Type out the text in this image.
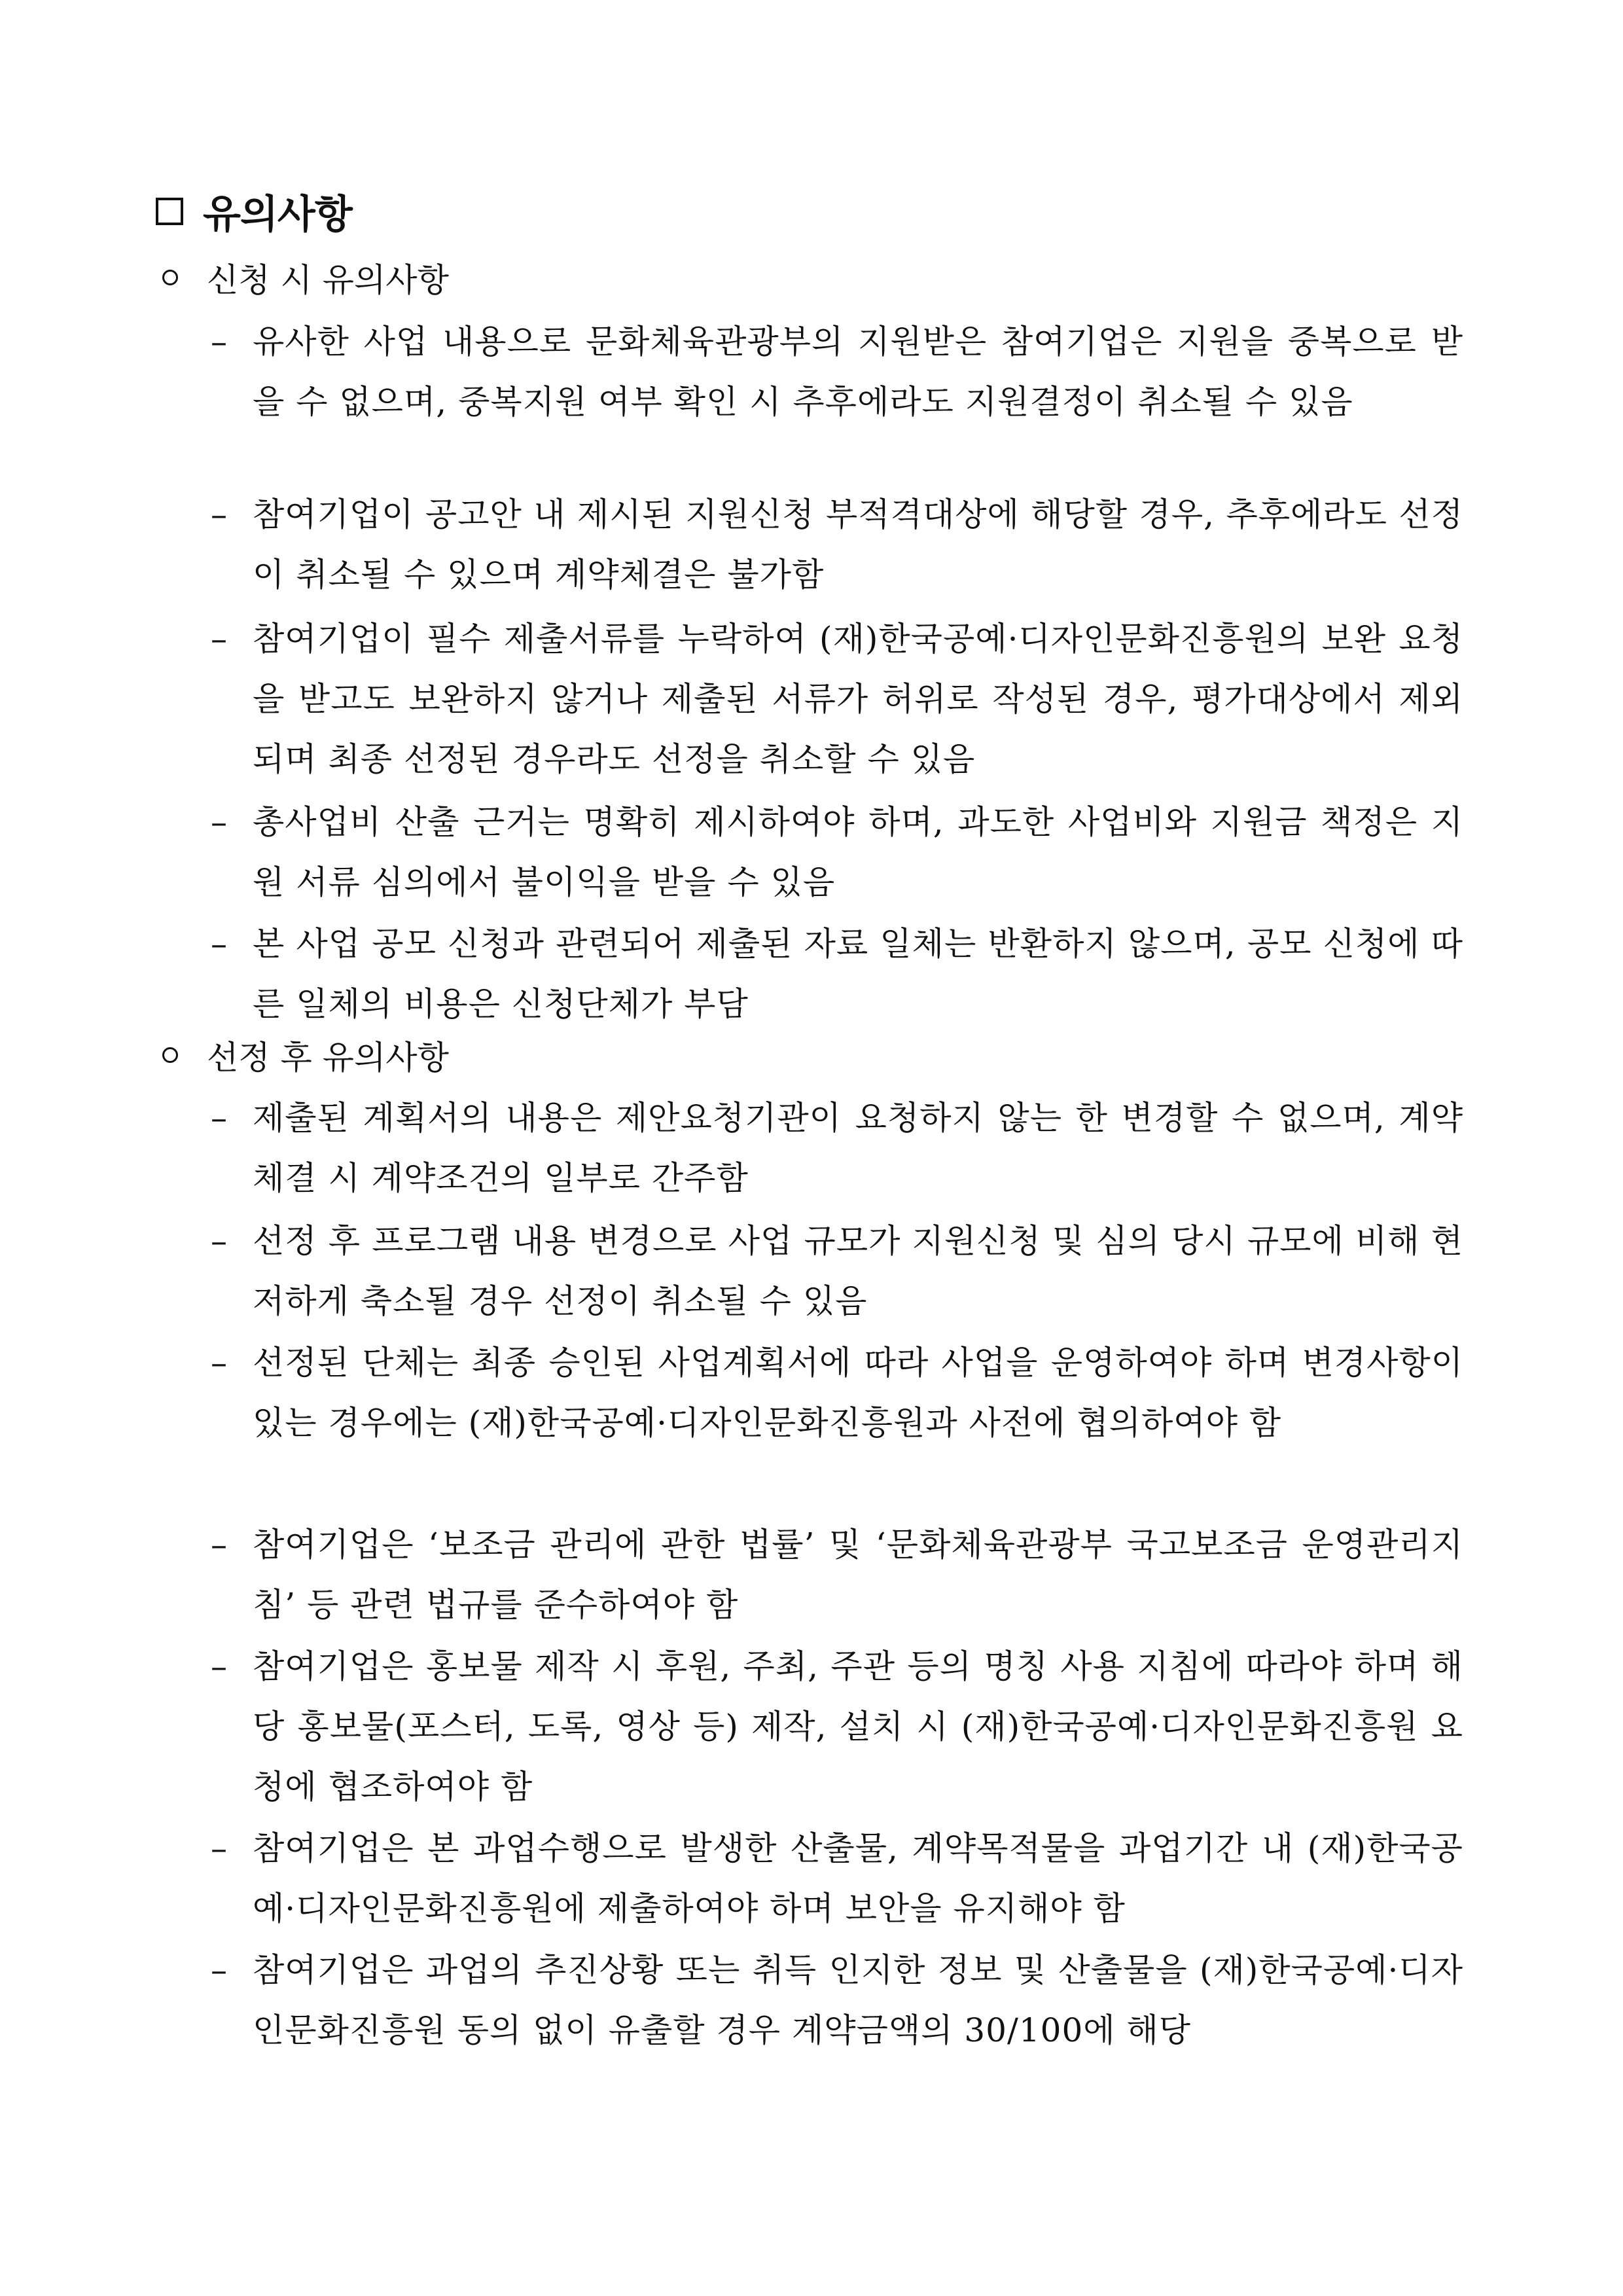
유의사항
신청 시 유의사항
– 유사한 사업 내용으로 문화체육관광부의 지원받은 참여기업은 지원을 중복으로 받을 수 없으며, 중복지원 여부 확인 시 추후에라도 지원결정이 취소될 수 있음

– 참여기업이 공고안 내 제시된 지원신청 부적격대상에 해당할 경우, 추후에라도 선정이 취소될 수 있으며 계약체결은 불가함

– 참여기업이 필수 제출서류를 누락하여 (재)한국공예·디자인문화진흥원의 보완 요청을 받고도 보완하지 않거나 제출된 서류가 허위로 작성된 경우, 평가대상에서 제외되며 최종 선정된 경우라도 선정을 취소할 수 있음

– 총사업비 산출 근거는 명확히 제시하여야 하며, 과도한 사업비와 지원금 책정은 지원 서류 심의에서 불이익을 받을 수 있음

– 본 사업 공모 신청과 관련되어 제출된 자료 일체는 반환하지 않으며, 공모 신청에 따른 일체의 비용은 신청단체가 부담

선정 후 유의사항
– 제출된 계획서의 내용은 제안요청기관이 요청하지 않는 한 변경할 수 없으며, 계약체결 시 계약조건의 일부로 간주함

– 선정 후 프로그램 내용 변경으로 사업 규모가 지원신청 및 심의 당시 규모에 비해 현저하게 축소될 경우 선정이 취소될 수 있음

– 선정된 단체는 최종 승인된 사업계획서에 따라 사업을 운영하여야 하며 변경사항이 있는 경우에는 (재)한국공예·디자인문화진흥원과 사전에 협의하여야 함

– 참여기업은 ‘보조금 관리에 관한 법률’ 및 ‘문화체육관광부 국고보조금 운영관리지침’ 등 관련 법규를 준수하여야 함

– 참여기업은 홍보물 제작 시 후원, 주최, 주관 등의 명칭 사용 지침에 따라야 하며 해당 홍보물(포스터, 도록, 영상 등) 제작, 설치 시 (재)한국공예·디자인문화진흥원 요청에 협조하여야 함

– 참여기업은 본 과업수행으로 발생한 산출물, 계약목적물을 과업기간 내 (재)한국공예·디자인문화진흥원에 제출하여야 하며 보안을 유지해야 함

– 참여기업은 과업의 추진상황 또는 취득 인지한 정보 및 산출물을 (재)한국공예·디자인문화진흥원 동의 없이 유출할 경우 계약금액의 30/100에 해당
